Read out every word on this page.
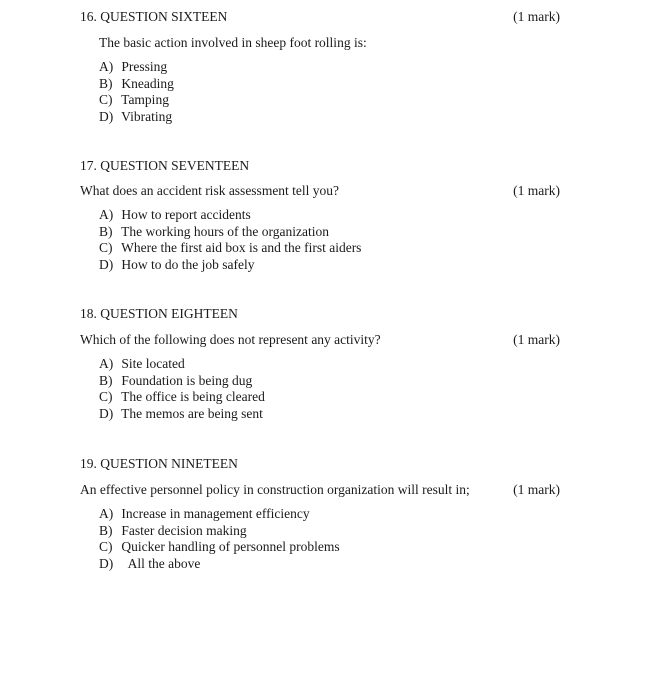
16. QUESTION SIXTEEN	(1 mark)
The basic action involved in sheep foot rolling is:
A) Pressing
B) Kneading
C) Tamping
D) Vibrating
17. QUESTION SEVENTEEN
What does an accident risk assessment tell you?	(1 mark)
A) How to report accidents
B) The working hours of the organization
C) Where the first aid box is and the first aiders
D) How to do the job safely
18. QUESTION EIGHTEEN
Which of the following does not represent any activity?	(1 mark)
A) Site located
B) Foundation is being dug
C) The office is being cleared
D) The memos are being sent
19. QUESTION NINETEEN
An effective personnel policy in construction organization will result in;	(1 mark)
A) Increase in management efficiency
B) Faster decision making
C) Quicker handling of personnel problems
D) All the above
